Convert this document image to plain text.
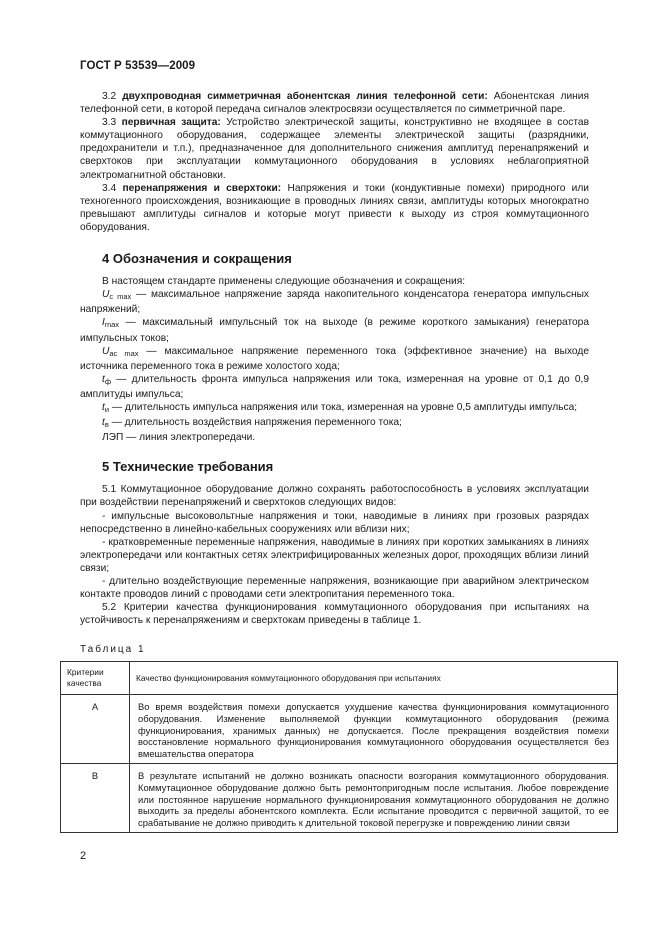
ГОСТ Р 53539—2009

3.2 двухпроводная симметричная абонентская линия телефонной сети: Абонентская линия телефонной сети, в которой передача сигналов электросвязи осуществляется по симметричной паре.

3.3 первичная защита: Устройство электрической защиты, конструктивно не входящее в состав коммутационного оборудования, содержащее элементы электрической защиты (разрядники, предохранители и т.п.), предназначенное для дополнительного снижения амплитуд перенапряжений и сверхтоков при эксплуатации коммутационного оборудования в условиях неблагоприятной электромагнитной обстановки.

3.4 перенапряжения и сверхтоки: Напряжения и токи (кондуктивные помехи) природного или техногенного происхождения, возникающие в проводных линиях связи, амплитуды которых многократно превышают амплитуды сигналов и которые могут привести к выходу из строя коммутационного оборудования.

4 Обозначения и сокращения

В настоящем стандарте применены следующие обозначения и сокращения:

$U_{c max}$ — максимальное напряжение заряда накопительного конденсатора генератора импульсных напряжений;

$I_{max}$ — максимальный импульсный ток на выходе (в режиме короткого замыкания) генератора импульсных токов;

$U_{ac max}$ — максимальное напряжение переменного тока (эффективное значение) на выходе источника переменного тока в режиме холостого хода;

$t_ф$ — длительность фронта импульса напряжения или тока, измеренная на уровне от 0,1 до 0,9 амплитуды импульса;

$t_и$ — длительность импульса напряжения или тока, измеренная на уровне 0,5 амплитуды импульса;

$t_в$ — длительность воздействия напряжения переменного тока;

ЛЭП — линия электропередачи.

5 Технические требования

5.1 Коммутационное оборудование должно сохранять работоспособность в условиях эксплуатации при воздействии перенапряжений и сверхтоков следующих видов:

- импульсные высоковольтные напряжения и токи, наводимые в линиях при грозовых разрядах непосредственно в линейно-кабельных сооружениях или вблизи них;

- кратковременные переменные напряжения, наводимые в линиях при коротких замыканиях в линиях электропередачи или контактных сетях электрифицированных железных дорог, проходящих вблизи линий связи;

- длительно воздействующие переменные напряжения, возникающие при аварийном электрическом контакте проводов линий с проводами сети электропитания переменного тока.

5.2 Критерии качества функционирования коммутационного оборудования при испытаниях на устойчивость к перенапряжениям и сверхтокам приведены в таблице 1.

Таблица 1
Критерии качества	Качество функционирования коммутационного оборудования при испытаниях
А	Во время воздействия помехи допускается ухудшение качества функционирования коммутационного оборудования. Изменение выполняемой функции коммутационного оборудования (режима функционирования, хранимых данных) не допускается. После прекращения воздействия помехи восстановление нормального функционирования коммутационного оборудования осуществляется без вмешательства оператора
В	В результате испытаний не должно возникать опасности возгорания коммутационного оборудования. Коммутационное оборудование должно быть ремонтопригодным после испытания. Любое повреждение или постоянное нарушение нормального функционирования коммутационного оборудования не должно выходить за пределы абонентского комплекта. Если испытание проводится с первичной защитой, то ее срабатывание не должно приводить к длительной токовой перегрузке и повреждению линии связи
2
